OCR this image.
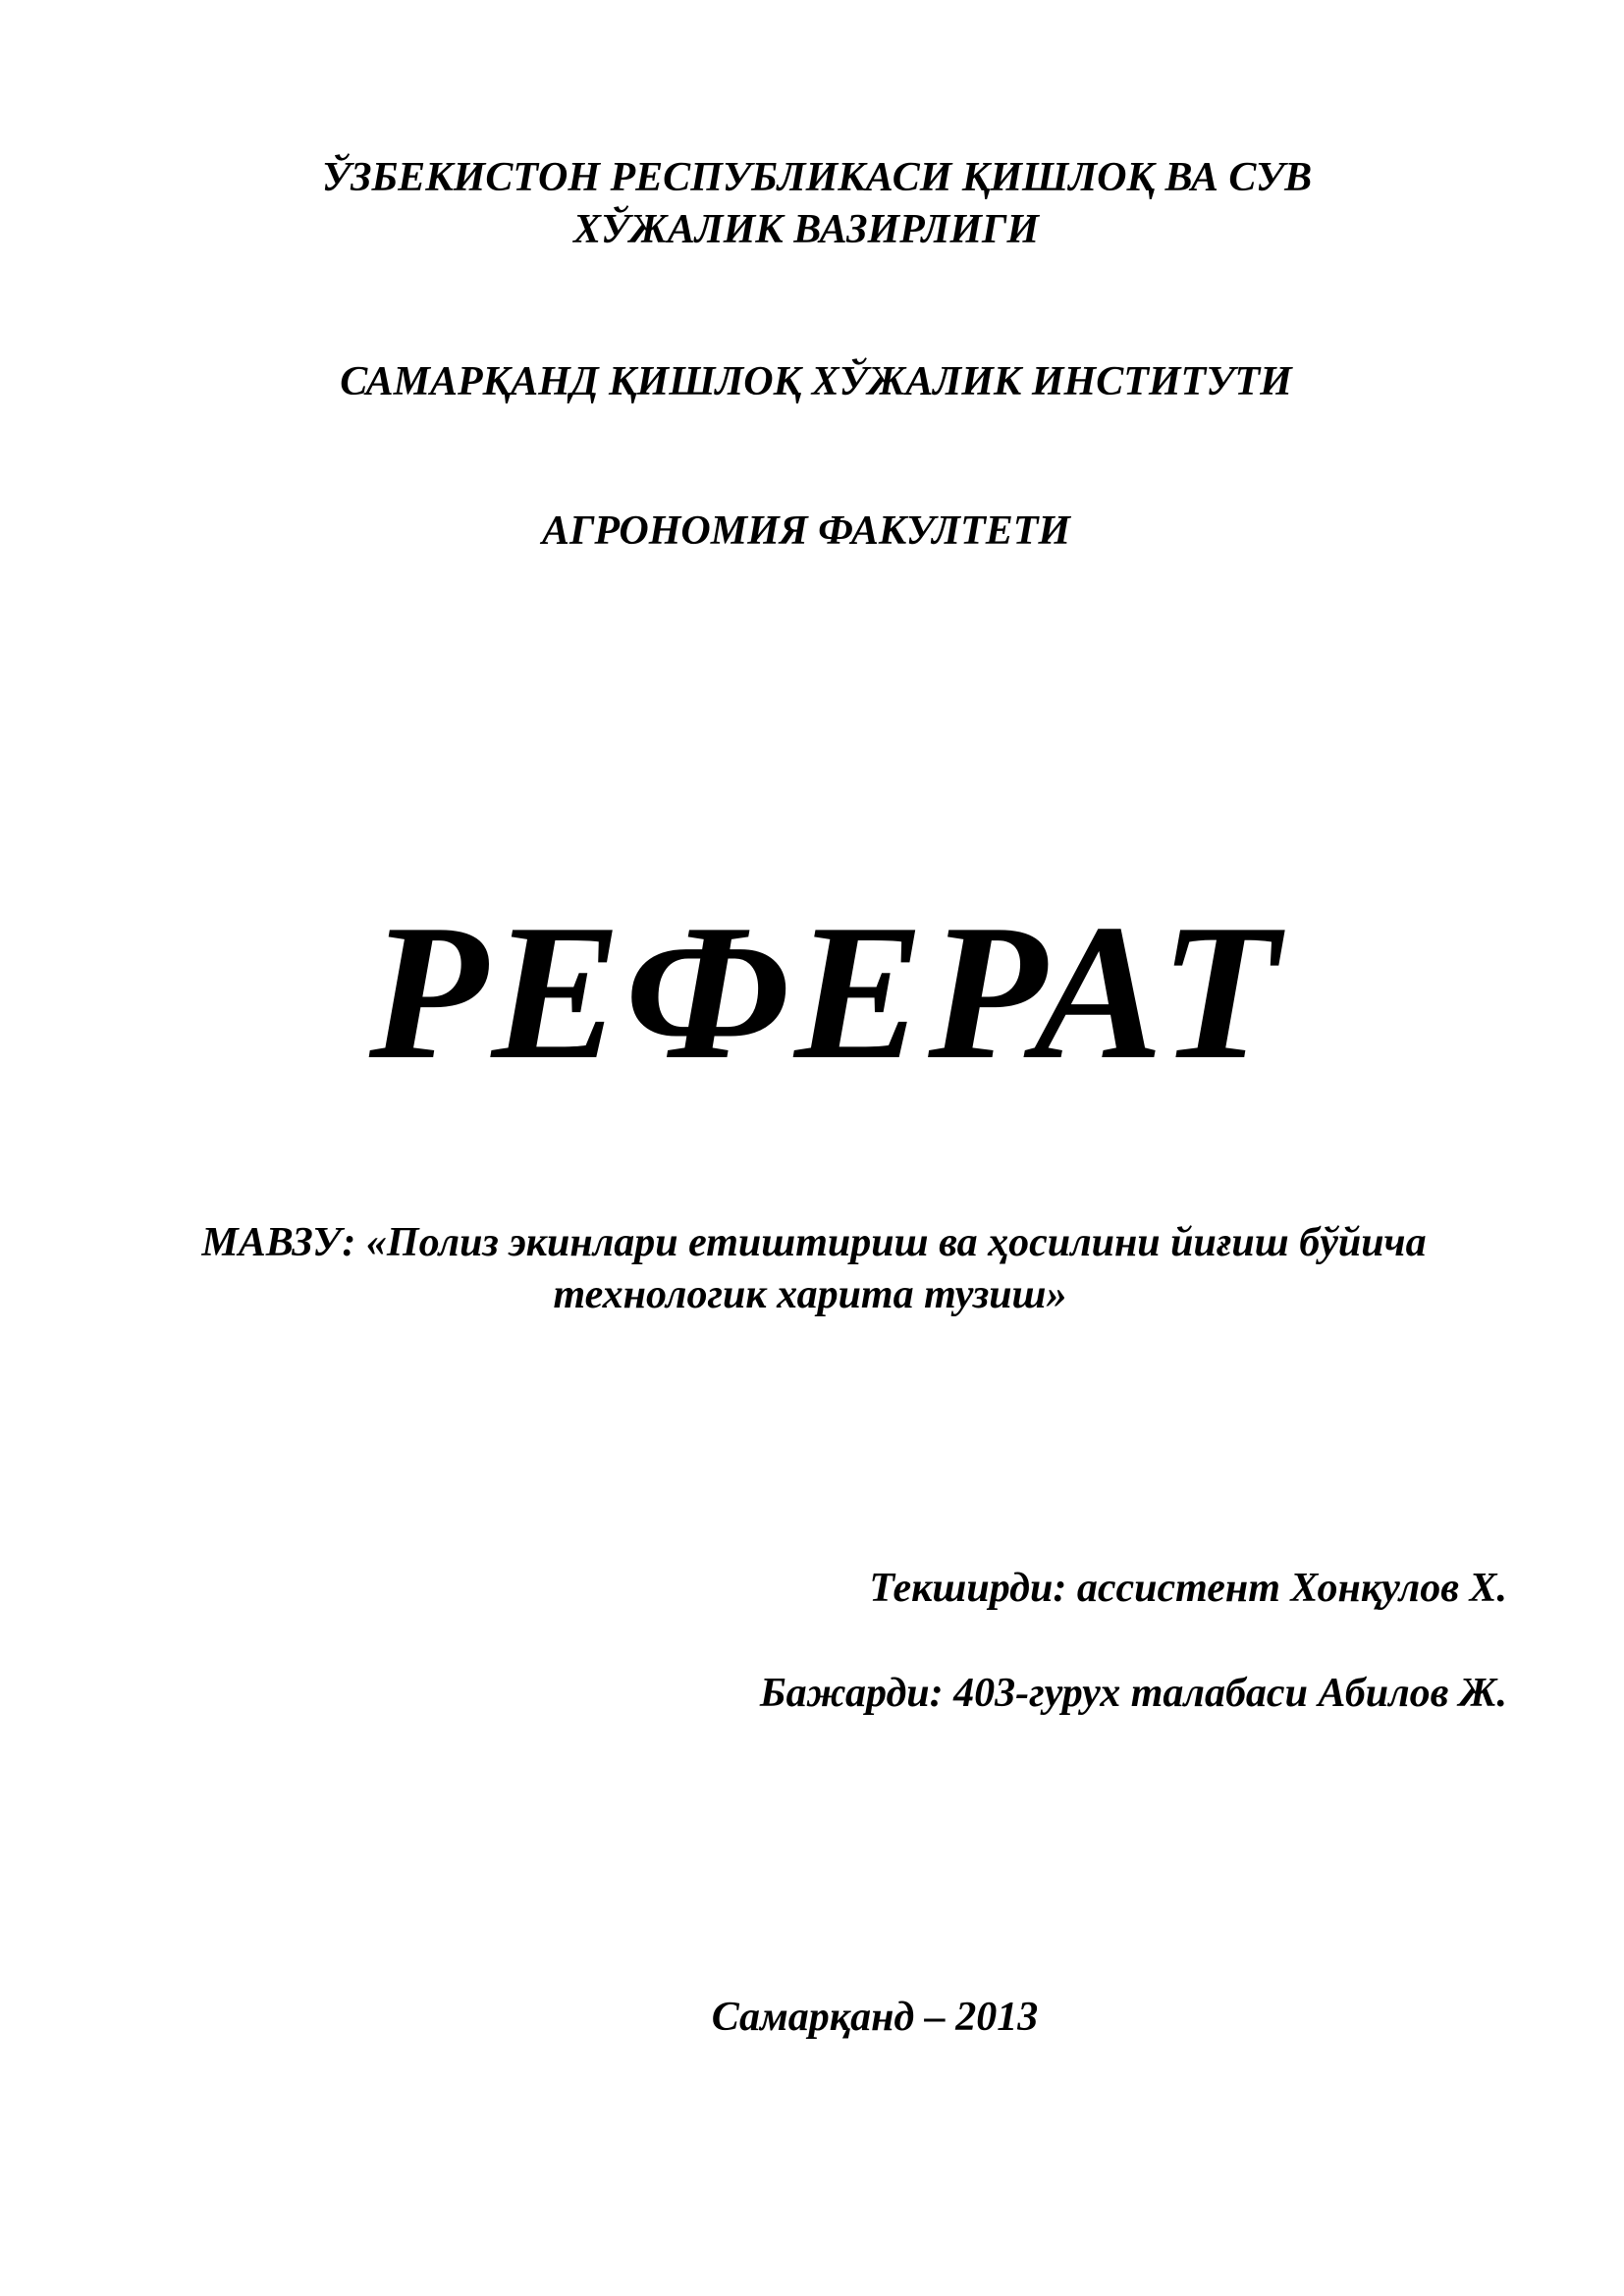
ЎЗБЕКИСТОН РЕСПУБЛИКАСИ ҚИШЛОҚ ВА СУВ
ХЎЖАЛИК ВАЗИРЛИГИ
САМАРҚАНД ҚИШЛОҚ ХЎЖАЛИК ИНСТИТУТИ
АГРОНОМИЯ ФАКУЛТЕТИ
РЕФЕРАТ
МАВЗУ: «Полиз экинлари етиштириш ва ҳосилини йиғиш бўйича
технологик харита тузиш»
Текширди: ассистент Хонқулов Х.
Бажарди: 403-гурух талабаси Абилов Ж.
Самарқанд – 2013
